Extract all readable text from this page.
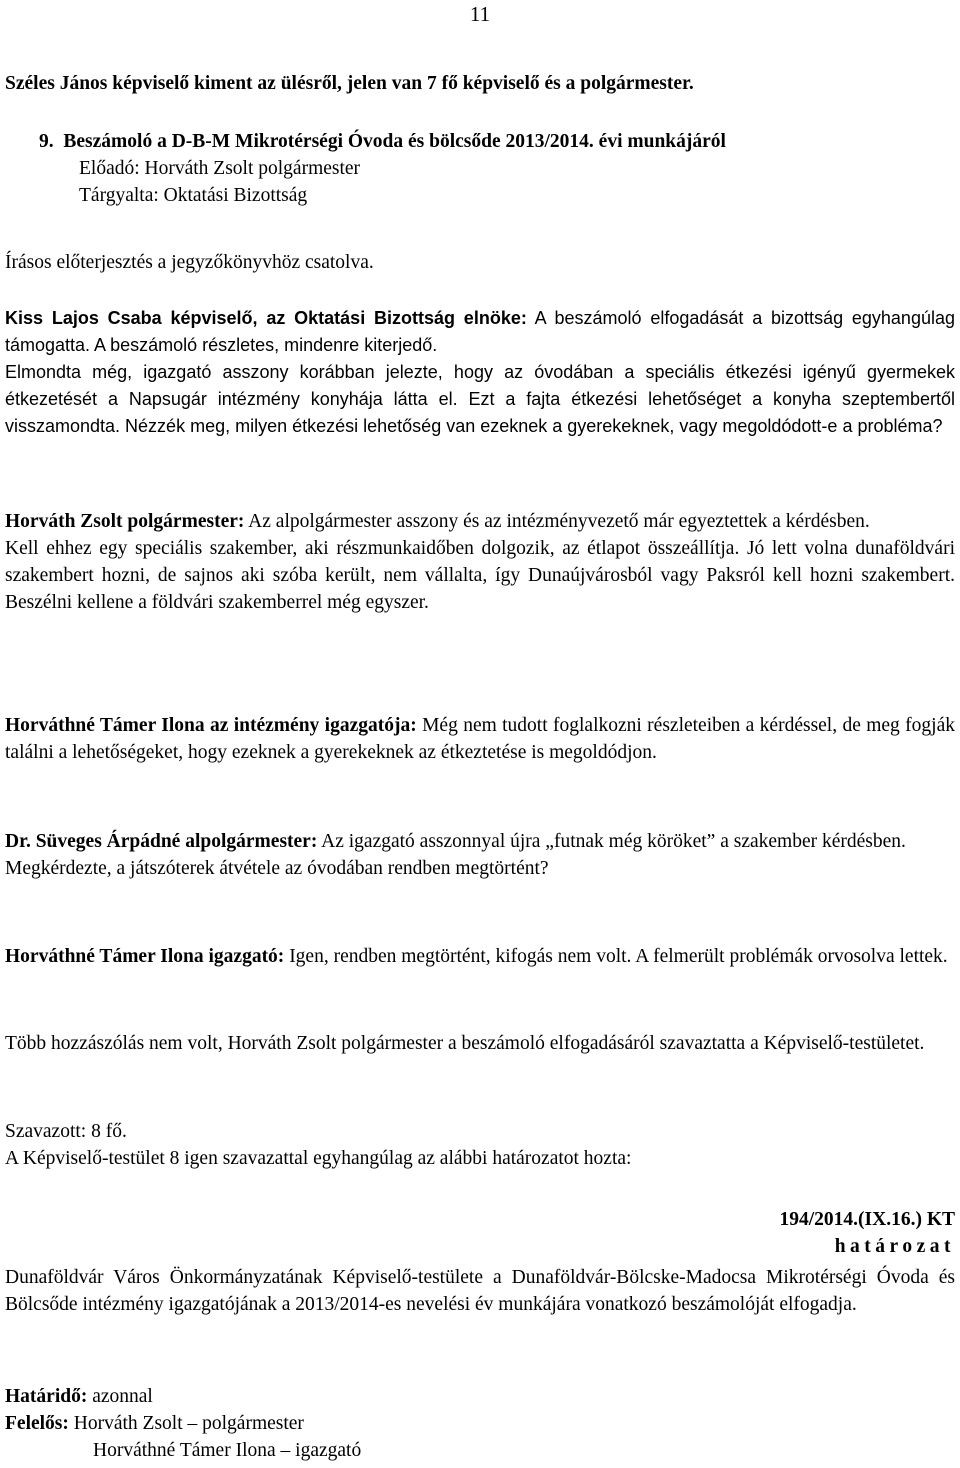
11
Széles János képviselő kiment az ülésről, jelen van 7 fő képviselő és a polgármester.

9. Beszámoló a D-B-M Mikrotérségi Óvoda és bölcsőde 2013/2014. évi munkájáról

Előadó: Horváth Zsolt polgármester

Tárgyalta: Oktatási Bizottság

Írásos előterjesztés a jegyzőkönyvhöz csatolva.

Kiss Lajos Csaba képviselő, az Oktatási Bizottság elnöke: A beszámoló elfogadását a bizottság egyhangúlag támogatta. A beszámoló részletes, mindenre kiterjedő.

Elmondta még, igazgató asszony korábban jelezte, hogy az óvodában a speciális étkezési igényű gyermekek étkezetését a Napsugár intézmény konyhája látta el. Ezt a fajta étkezési lehetőséget a konyha szeptembertől visszamondta. Nézzék meg, milyen étkezési lehetőség van ezeknek a gyerekeknek, vagy megoldódott-e a probléma?

Horváth Zsolt polgármester: Az alpolgármester asszony és az intézményvezető már egyeztettek a kérdésben.

Kell ehhez egy speciális szakember, aki részmunkaidőben dolgozik, az étlapot összeállítja. Jó lett volna dunaföldvári szakembert hozni, de sajnos aki szóba került, nem vállalta, így Dunaújvárosból vagy Paksról kell hozni szakembert. Beszélni kellene a földvári szakemberrel még egyszer.

Horváthné Támer Ilona az intézmény igazgatója: Még nem tudott foglalkozni részleteiben a kérdéssel, de meg fogják találni a lehetőségeket, hogy ezeknek a gyerekeknek az étkeztetése is megoldódjon.

Dr. Süveges Árpádné alpolgármester: Az igazgató asszonnyal újra „futnak még köröket” a szakember kérdésben.

Megkérdezte, a játszóterek átvétele az óvodában rendben megtörtént?

Horváthné Támer Ilona igazgató: Igen, rendben megtörtént, kifogás nem volt. A felmerült problémák orvosolva lettek.

Több hozzászólás nem volt, Horváth Zsolt polgármester a beszámoló elfogadásáról szavaztatta a Képviselő-testületet.

Szavazott: 8 fő.

A Képviselő-testület 8 igen szavazattal egyhangúlag az alábbi határozatot hozta:

194/2014.(IX.16.) KT

határozat

Dunaföldvár Város Önkormányzatának Képviselő-testülete a Dunaföldvár-Bölcske-Madocsa Mikrotérségi Óvoda és Bölcsőde intézmény igazgatójának a 2013/2014-es nevelési év munkájára vonatkozó beszámolóját elfogadja.

Határidő: azonnal

Felelős: Horváth Zsolt – polgármester

Horváthné Támer Ilona – igazgató
